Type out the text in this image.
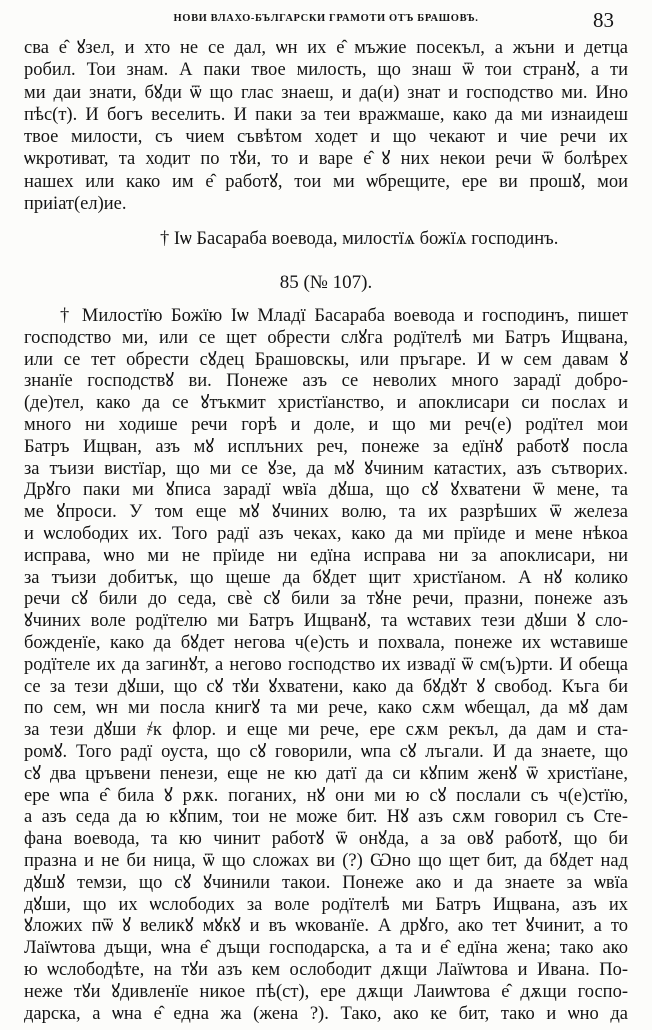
НОВИ ВЛАХО-БЪЛГАРСКИ ГРАМОТИ ОТЪ БРАШОВЪ.	83
сва е̂ ꙋзел, и хто не се дал, ѡн их е̂ мъжие посекъл, а жъни и детца
робил. Тои знам. А паки твое милость, що знаш ѿ тои странꙋ, а ти
ми даи знати, бꙋди ѿ що глас знаеш, и да(и) знат и господство ми. Ино
пѣс(т). И богъ веселить. И паки за теи вражмаше, како да ми изнаидеш
твое милости, съ чием съвѣтом ходет и що чекают и чие речи их
ѡкротиват, та ходит по тꙋи, то и варе е̂ ꙋ них некои речи ѿ болѣрех
нашех или како им е̂ работꙋ, тои ми ѡбрещите, ере ви прошꙋ, мои
приiат(ел)ие.
† Iѡ Басараба воевода, милостїѧ божїѧ господинъ.
85 (№ 107).
† Милостїю Божїю Iѡ Младї Басараба воевода и господинъ, пишет
господство ми, или се щет обрести слꙋга родїтелѣ ми Батръ Ищвана,
или се тет обрести сꙋдец Брашовскы, или пръгаре. И ѡ сем давам ꙋ
знанїе господствꙋ ви. Понеже азъ се неволих много зарадї добро-
(де)тел, како да се ꙋтъкмит христїанство, и апоклисари си послах и
много ни ходише речи горѣ и доле, и що ми реч(е) родїтел мои
Батръ Ищван, азъ мꙋ исплъних реч, понеже за едїнꙋ работꙋ посла
за тъизи вистїар, що ми се ꙋзе, да мꙋ ꙋчиним катастих, азъ сътворих.
Дрꙋго паки ми ꙋписа зарадї ѡвїа дꙋша, що сꙋ ꙋхватени ѿ мене, та
ме ꙋпроси. У том еще мꙋ ꙋчиних волю, та их разрѣших ѿ железа
и ѡслободих их. Того радї азъ чеках, како да ми прїиде и мене нѣкоа
исправа, ѡно ми не прїиде ни едїна исправа ни за апоклисари, ни
за тъизи добитък, що щеше да бꙋдет щит христїаном. А нꙋ колико
речи сꙋ били до седа, свѐ сꙋ били за тꙋне речи, празни, понеже азъ
ꙋчиних воле родїтелю ми Батръ Ищванꙋ, та ѡставих тези дꙋши ꙋ сло-
божденїе, како да бꙋдет негова ч(е)сть и похвала, понеже их ѡставише
родїтеле их да загинꙋт, а негово господство их извадї ѿ см(ъ)рти. И обеща
се за тези дꙋши, що сꙋ тꙋи ꙋхватени, како да бꙋдꙋт ꙋ свобод. Къга би
по сем, ѡн ми посла книгꙋ та ми рече, како сѫм ѡбещал, да мꙋ дам
за тези дꙋши ҂к флор. и еще ми рече, ере сѫм рекъл, да дам и ста-
ромꙋ. Того радї оуста, що сꙋ говорили, ѡпа сꙋ лъгали. И да знаете, що
сꙋ два цръвени пенези, еще не кю датї да си кꙋпим женꙋ ѿ христїане,
ере ѡпа е̂ била ꙋ рѫк. поганих, нꙋ они ми ю сꙋ послали съ ч(е)стїю,
а азъ седа да ю кꙋпим, тои не може бит. Нꙋ азъ сѫм говорил съ Сте-
фана воевода, та кю чинит работꙋ ѿ онꙋда, а за овꙋ работꙋ, що би
празна и не би ница, ѿ що сложах ви (?) Ѡно що щет бит, да бꙋдет над
дꙋшꙋ темзи, що сꙋ ꙋчинили такои. Понеже ако и да знаете за ѡвїа
дꙋши, що их ѡслободих за воле родїтелѣ ми Батръ Ищвана, азъ их
ꙋложих пѿ ꙋ великꙋ мꙋкꙋ и въ ѡкованїе. А дрꙋго, ако тет ꙋчинит, а то
Лаїѡтова дъщи, ѡна е̂ дъщи господарска, а та и е̂ едїна жена; тако ако
ю ѡслободѣте, на тꙋи азъ кем ослободит дѫщи Лаїѡтова и Ивана. По-
неже тꙋи ꙋдивленїе никое пѣ(ст), ере дѫщи Лаиѡтова е̂ дѫщи госпо-
дарска, а ѡна е̂ една жа (жена ?). Тако, ако ке бит, тако и ѡно да
